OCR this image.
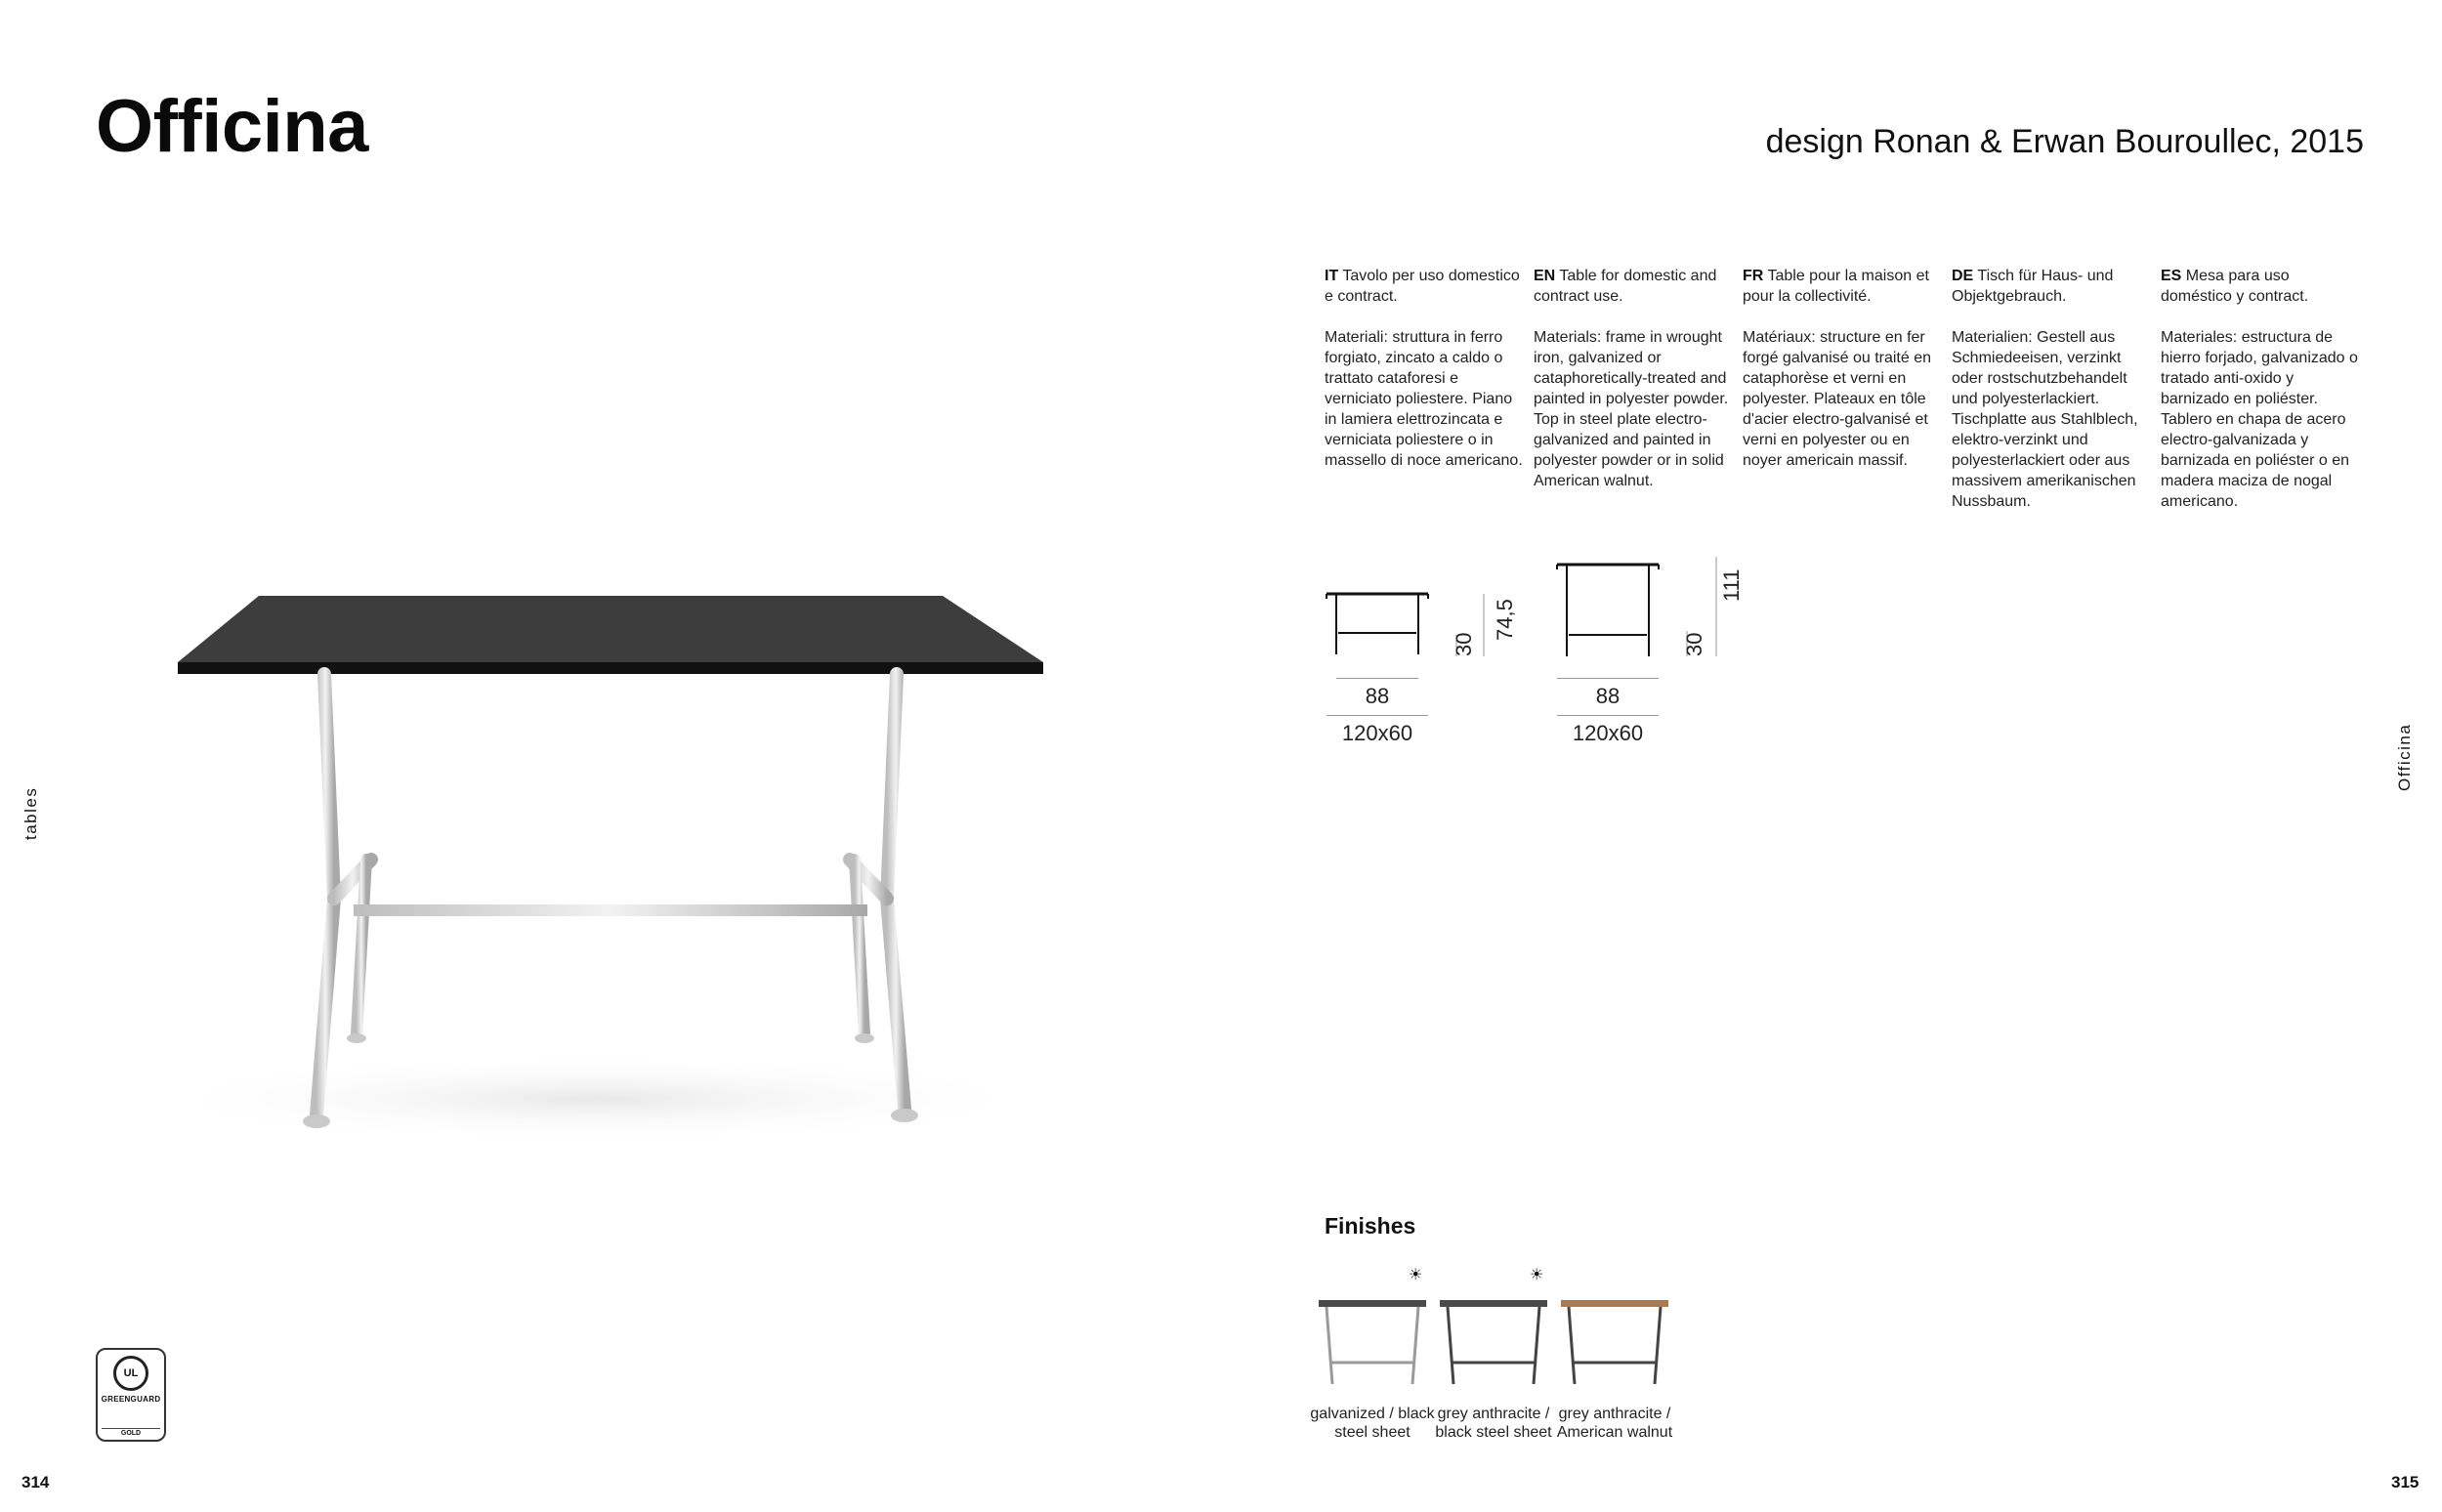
Officina	design Ronan & Erwan Bouroullec, 2015
tables
Officina
314	315

IT Tavolo per uso domestico e contract.

Materiali: struttura in ferro forgiato, zincato a caldo o trattato cataforesi e verniciato poliestere. Piano in lamiera elettrozincata e verniciata poliestere o in massello di noce americano.

EN Table for domestic and contract use.

Materials: frame in wrought iron, galvanized or cataphoretically-treated and painted in polyester powder. Top in steel plate electro-galvanized and painted in polyester powder or in solid American walnut.

FR Table pour la maison et pour la collectivité.

Matériaux: structure en fer forgé galvanisé ou traité en cataphorèse et verni en polyester. Plateaux en tôle d'acier electro-galvanisé et verni en polyester ou en noyer americain massif.

DE Tisch für Haus- und Objektgebrauch.

Materialien: Gestell aus Schmiedeeisen, verzinkt oder rostschutzbehandelt und polyesterlackiert. Tischplatte aus Stahlblech, elektro-verzinkt und polyesterlackiert oder aus massivem amerikanischen Nussbaum.

ES Mesa para uso doméstico y contract.

Materiales: estructura de hierro forjado, galvanizado o tratado anti-oxido y barnizado en poliéster. Tablero en chapa de acero electro-galvanizada y barnizada en poliéster o en madera maciza de nogal americano.

30
74,5
88
120x60
30
111
88
120x60
Finishes
☀	☀
galvanized / black steel sheet
grey anthracite / black steel sheet
grey anthracite / American walnut
UL
GREENGUARD
GOLD
